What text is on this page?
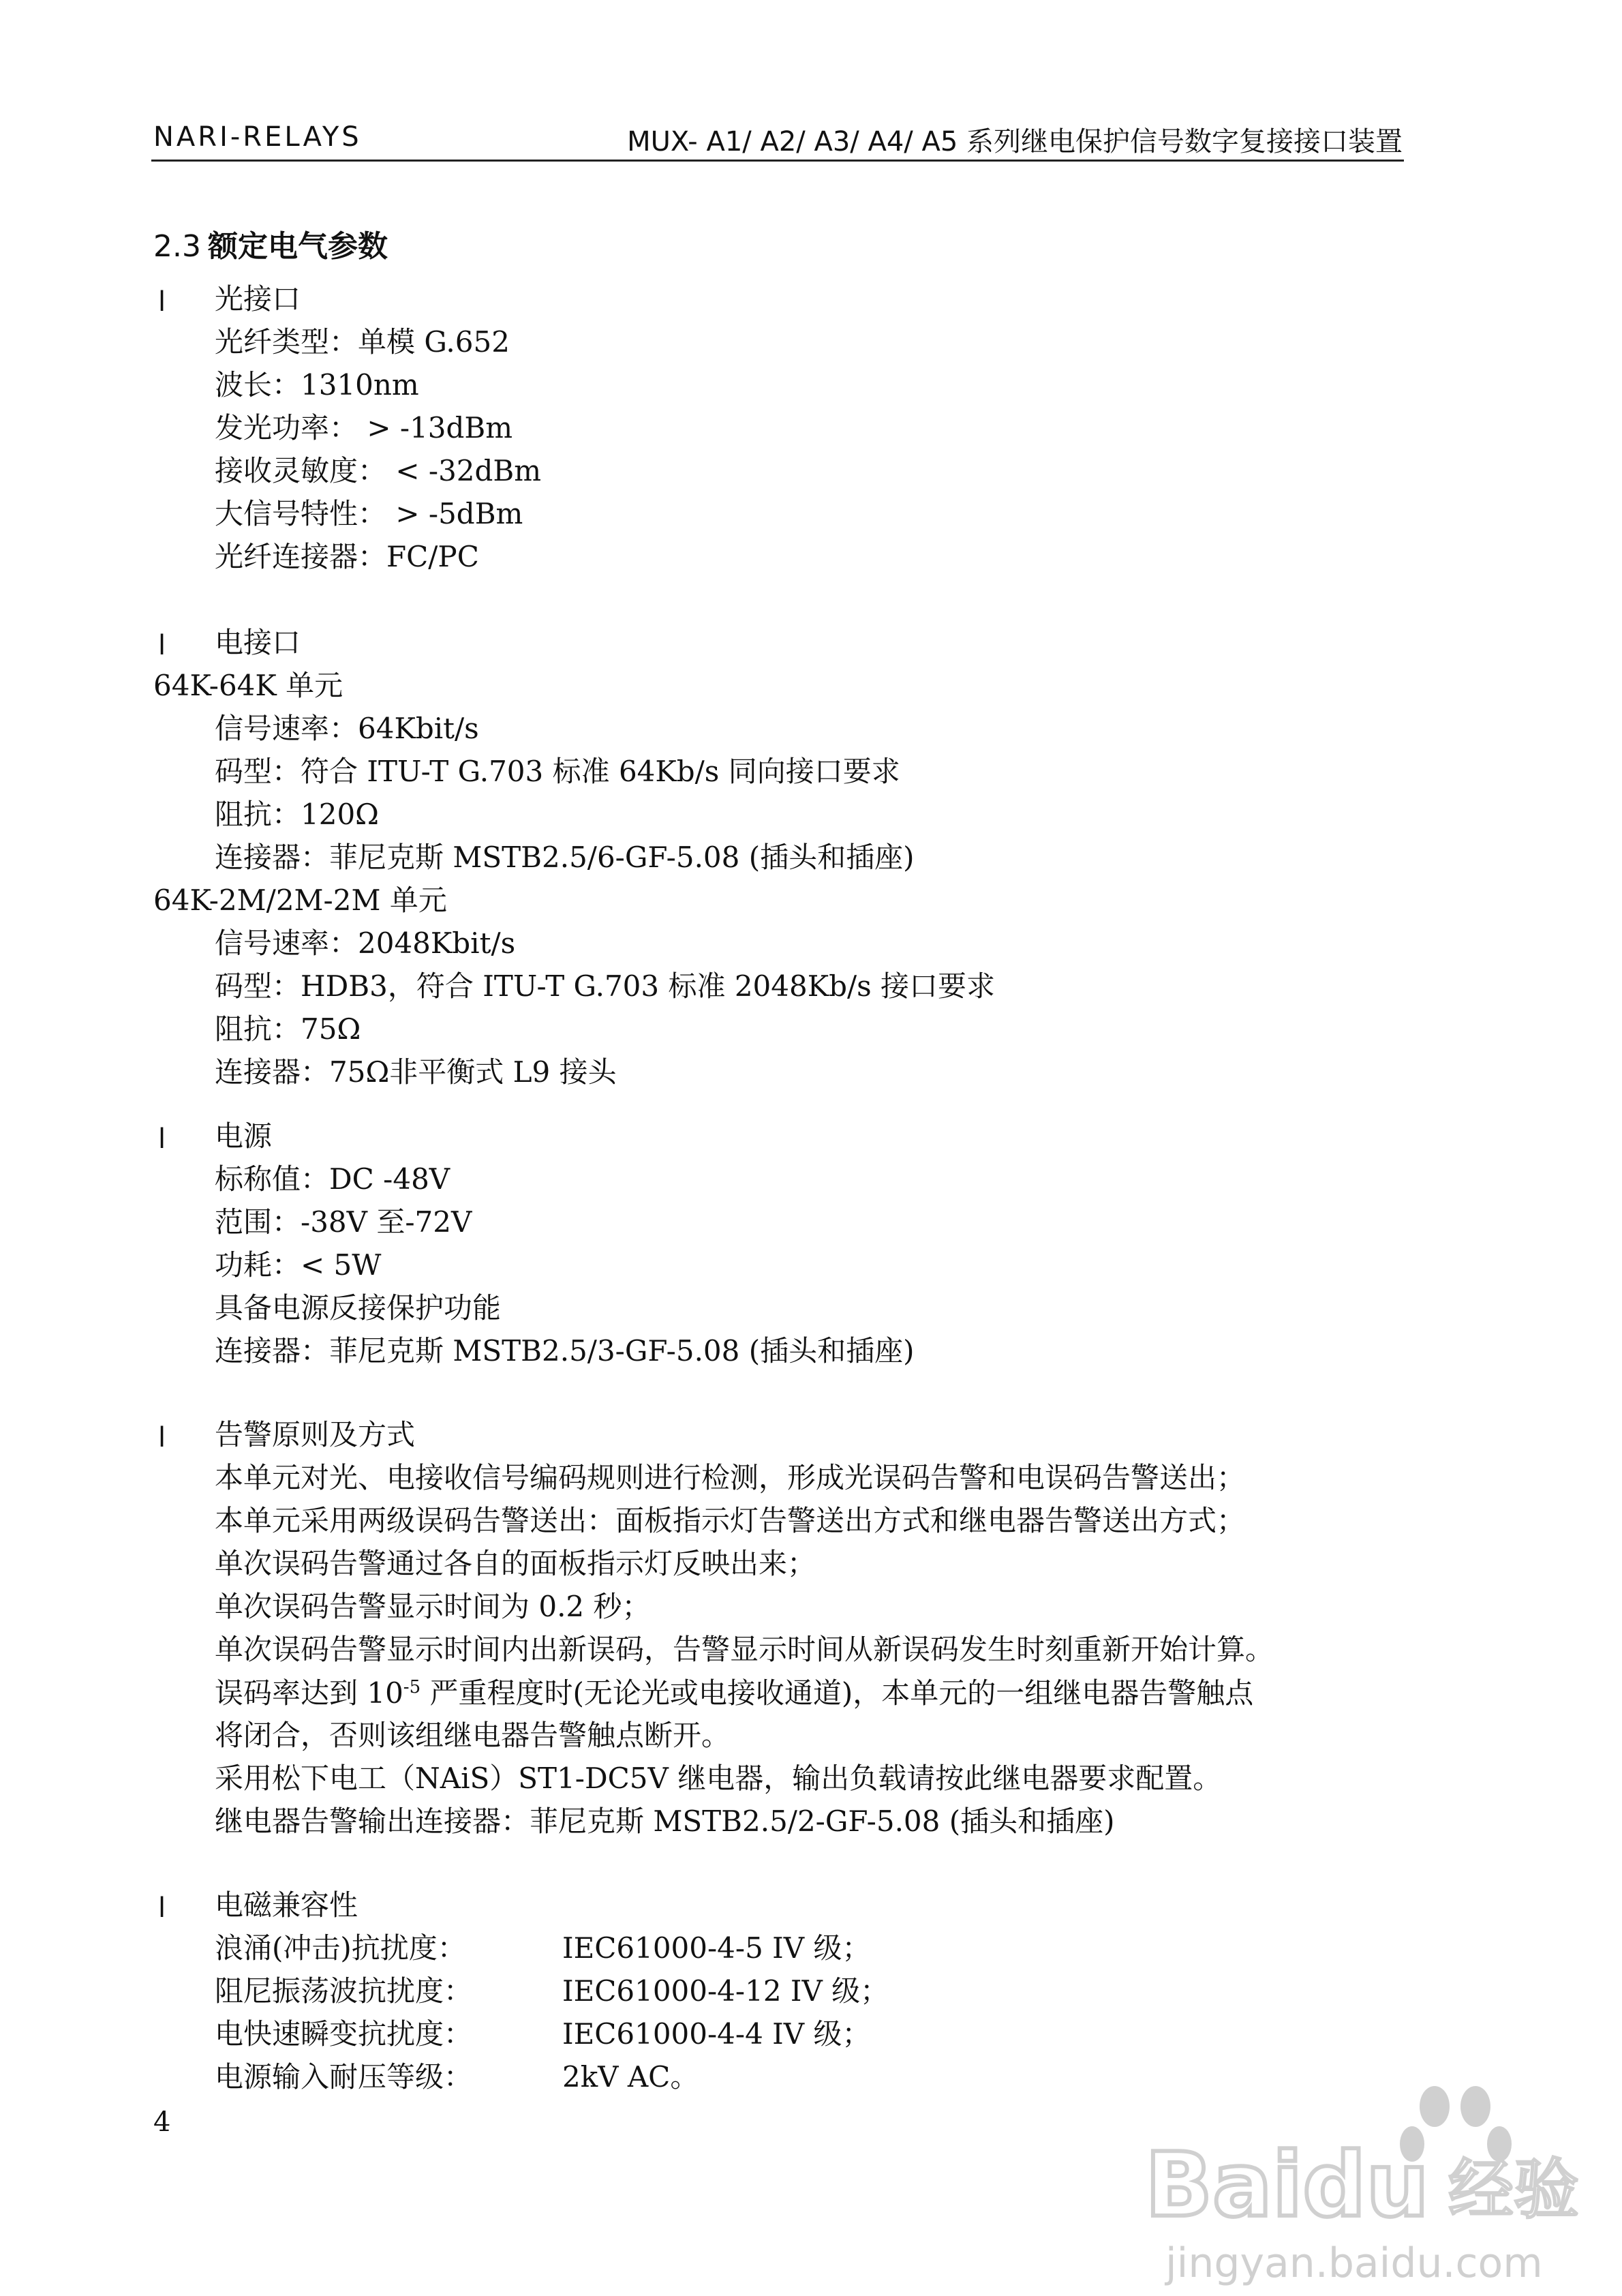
NARI-RELAYS	MUX- A1/ A2/ A3/ A4/ A5 系列继电保护信号数字复接接口装置
2.3 额定电气参数
l 光接口
光纤类型：单模 G.652
波长：1310nm
发光功率： > -13dBm
接收灵敏度： < -32dBm
大信号特性： > -5dBm
光纤连接器：FC/PC
l 电接口
64K-64K 单元
信号速率：64Kbit/s
码型：符合 ITU-T G.703 标准 64Kb/s 同向接口要求
阻抗：120Ω
连接器：菲尼克斯 MSTB2.5/6-GF-5.08 (插头和插座)
64K-2M/2M-2M 单元
信号速率：2048Kbit/s
码型：HDB3，符合 ITU-T G.703 标准 2048Kb/s 接口要求
阻抗：75Ω
连接器：75Ω非平衡式 L9 接头
l 电源
标称值：DC -48V
范围：-38V 至-72V
功耗：< 5W
具备电源反接保护功能
连接器：菲尼克斯 MSTB2.5/3-GF-5.08 (插头和插座)
l 告警原则及方式
本单元对光、电接收信号编码规则进行检测，形成光误码告警和电误码告警送出；
本单元采用两级误码告警送出：面板指示灯告警送出方式和继电器告警送出方式；
单次误码告警通过各自的面板指示灯反映出来；
单次误码告警显示时间为 0.2 秒；
单次误码告警显示时间内出新误码，告警显示时间从新误码发生时刻重新开始计算。
误码率达到 $10^{-5}$ 严重程度时(无论光或电接收通道)，本单元的一组继电器告警触点
将闭合，否则该组继电器告警触点断开。
采用松下电工（NAiS）ST1-DC5V 继电器，输出负载请按此继电器要求配置。
继电器告警输出连接器：菲尼克斯 MSTB2.5/2-GF-5.08 (插头和插座)
l 电磁兼容性
浪涌(冲击)抗扰度：	IEC61000-4-5 IV 级；
阻尼振荡波抗扰度：	IEC61000-4-12 IV 级；
电快速瞬变抗扰度：	IEC61000-4-4 IV 级；
电源输入耐压等级：	2kV AC。
4
Baidu 经验
jingyan.baidu.com
